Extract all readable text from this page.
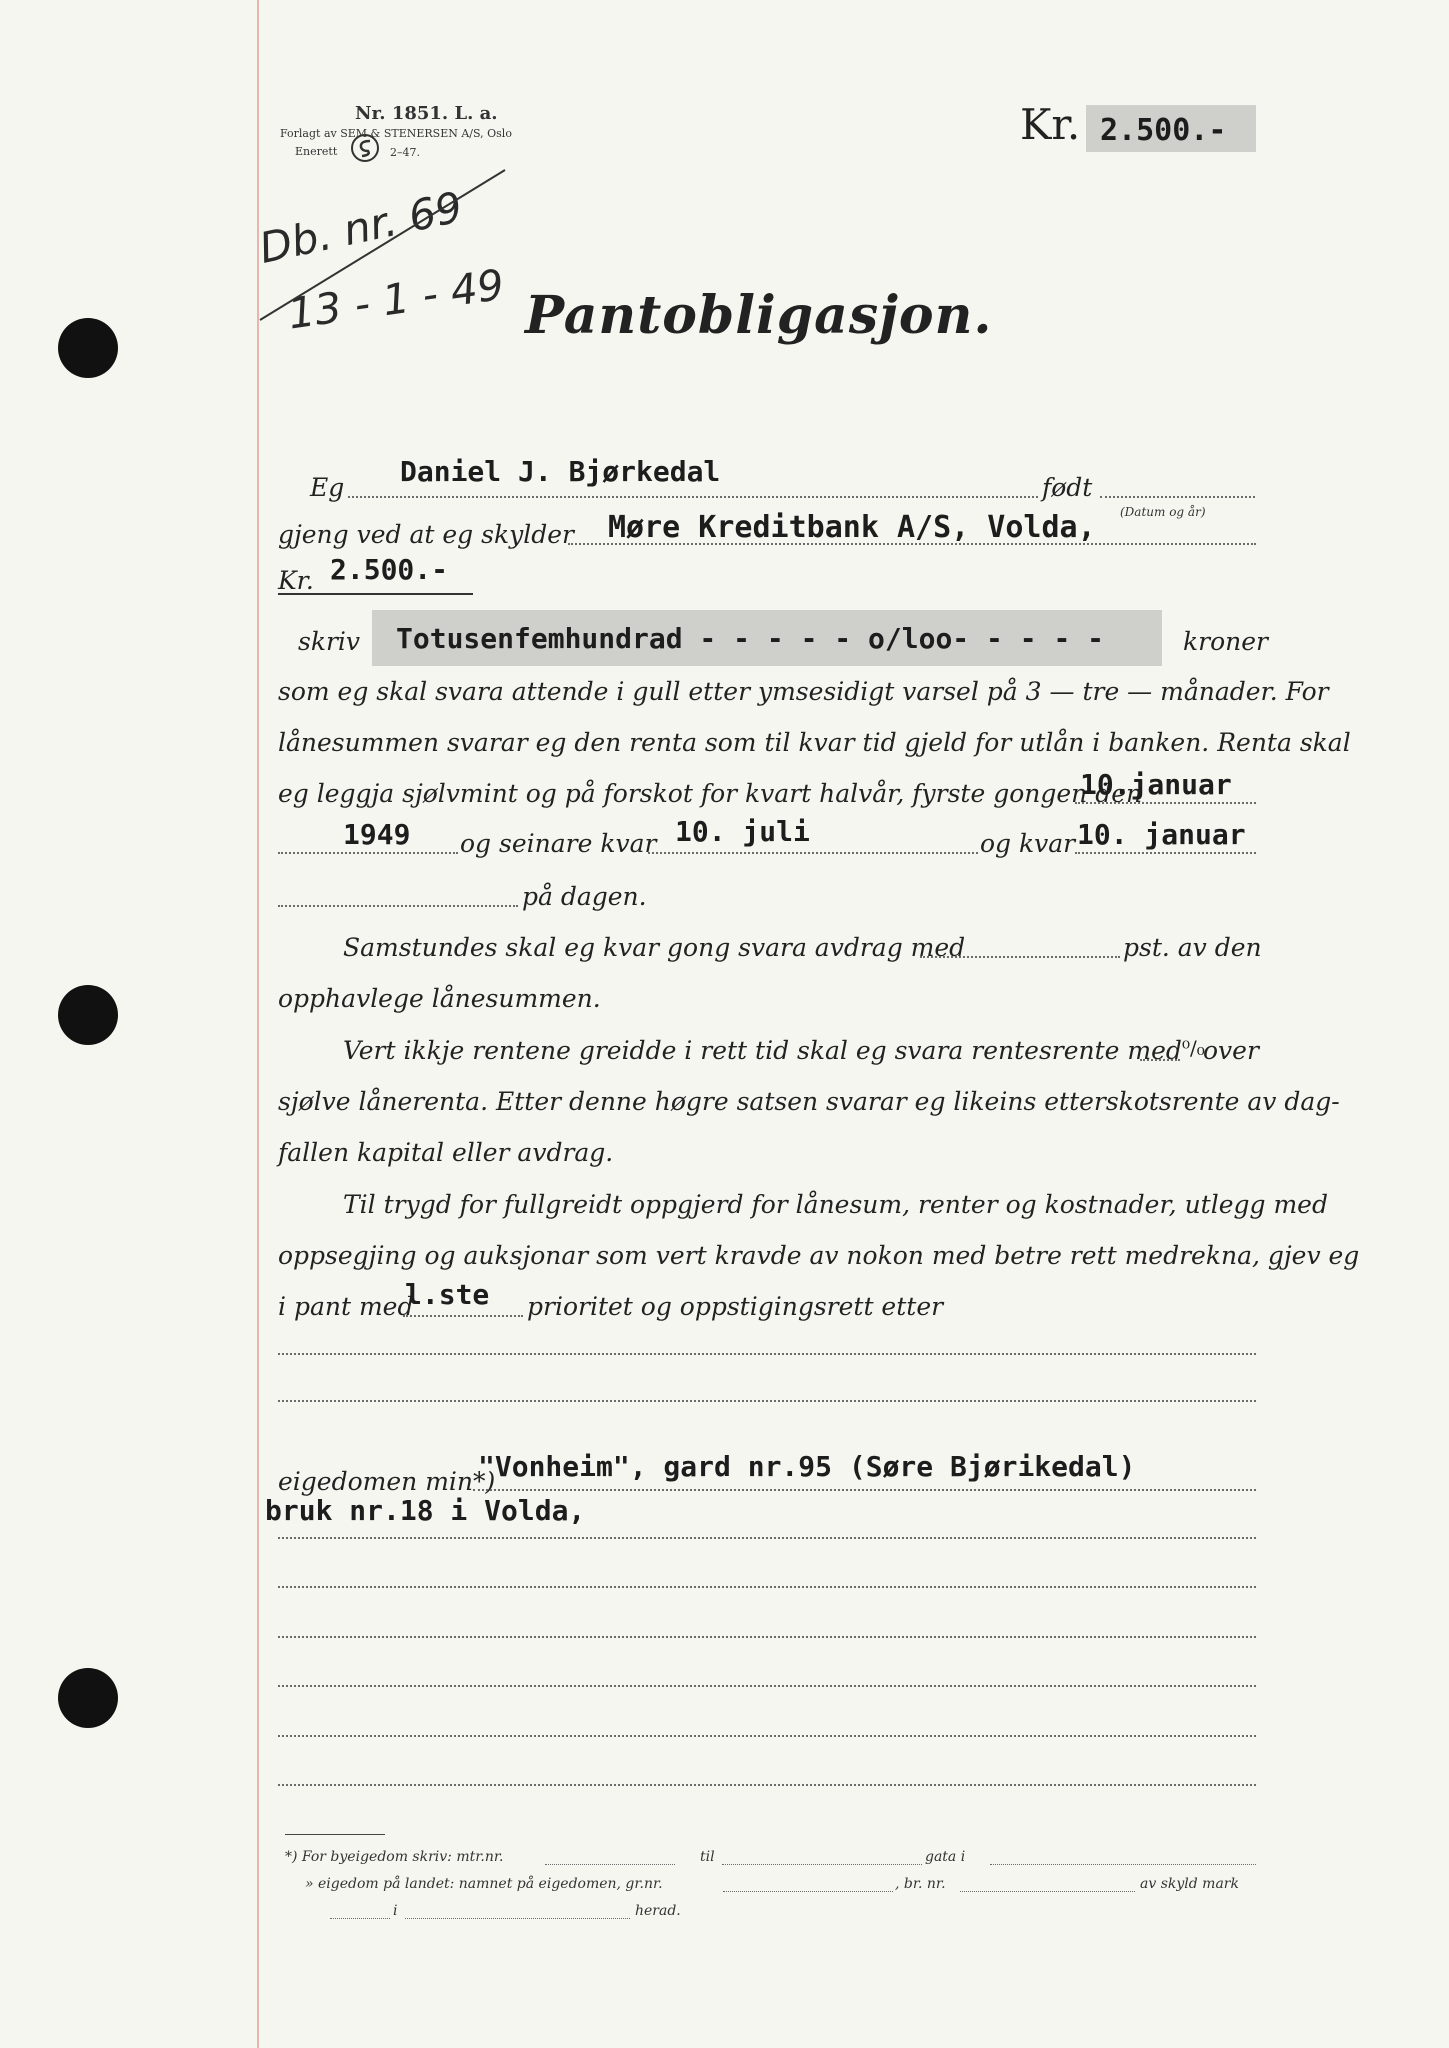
Nr. 1851. L. a.
Forlagt av SEM & STENERSEN A/S, Oslo
Enerett	2–47.
Kr. 2.500.-
Db. nr. 69
13 - 1 - 49 Pantobligasjon.
Eg Daniel J. Bjørkedal	født
(Datum og år)
gjeng ved at eg skylder Møre Kreditbank A/S, Volda,
Kr. 2.500.-
skriv Totusenfemhundrad - - - - - o/loo- - - - -	kroner
som eg skal svara attende i gull etter ymsesidigt varsel på 3 — tre — månader. For
lånesummen svarar eg den renta som til kvar tid gjeld for utlån i banken. Renta skal
eg leggja sjølvmint og på forskot for kvart halvår, fyrste gongen den
10.januar
1949 og seinare kvar 10. juli	og kvar 10. januar
på dagen.
Samstundes skal eg kvar gong svara avdrag med	pst. av den
opphavlege lånesummen.
Vert ikkje rentene greidde i rett tid skal eg svara rentesrente med ⁰/₀
over
sjølve lånerenta. Etter denne høgre satsen svarar eg likeins etterskotsrente av dag-
fallen kapital eller avdrag.
Til trygd for fullgreidt oppgjerd for lånesum, renter og kostnader, utlegg med
oppsegjing og auksjonar som vert kravde av nokon med betre rett medrekna, gjev eg
i pant med
l.ste prioritet og oppstigingsrett etter
eigedomen min*)
"Vonheim", gard nr.95 (Søre Bjørikedal)
bruk nr.18 i Volda,
*) For byeigedom skriv: mtr.nr.	til	gata i
» eigedom på landet: namnet på eigedomen, gr.nr.	, br. nr.	av skyld mark
i	herad.
